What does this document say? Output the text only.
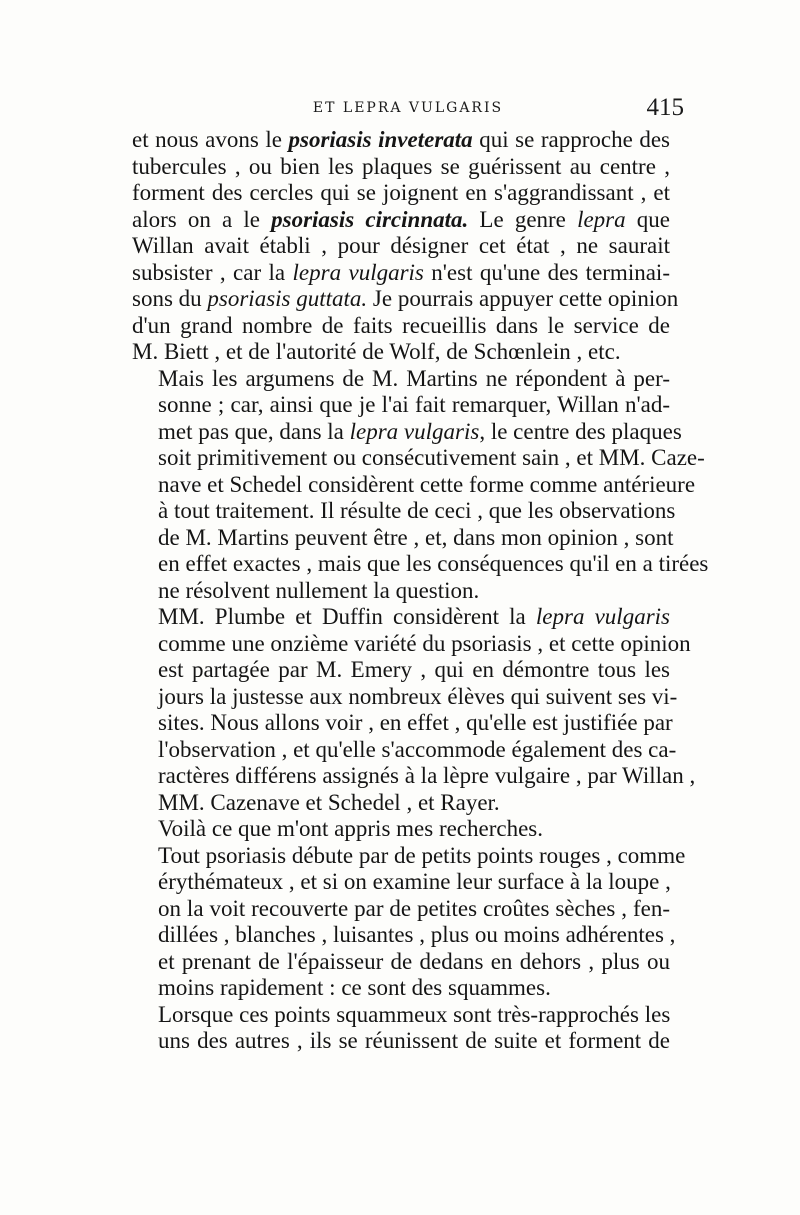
ET LEPRA VULGARIS	415
et nous avons le psoriasis inveterata qui se rapproche des
tubercules , ou bien les plaques se guérissent au centre ,
forment des cercles qui se joignent en s'aggrandissant , et
alors on a le psoriasis circinnata. Le genre lepra que
Willan avait établi , pour désigner cet état , ne saurait
subsister , car la lepra vulgaris n'est qu'une des terminai-
sons du psoriasis guttata. Je pourrais appuyer cette opinion
d'un grand nombre de faits recueillis dans le service de
M. Biett , et de l'autorité de Wolf, de Schœnlein , etc.
Mais les argumens de M. Martins ne répondent à per-
sonne ; car, ainsi que je l'ai fait remarquer, Willan n'ad-
met pas que, dans la lepra vulgaris, le centre des plaques
soit primitivement ou consécutivement sain , et MM. Caze-
nave et Schedel considèrent cette forme comme antérieure
à tout traitement. Il résulte de ceci , que les observations
de M. Martins peuvent être , et, dans mon opinion , sont
en effet exactes , mais que les conséquences qu'il en a tirées
ne résolvent nullement la question.
MM. Plumbe et Duffin considèrent la lepra vulgaris
comme une onzième variété du psoriasis , et cette opinion
est partagée par M. Emery , qui en démontre tous les
jours la justesse aux nombreux élèves qui suivent ses vi-
sites. Nous allons voir , en effet , qu'elle est justifiée par
l'observation , et qu'elle s'accommode également des ca-
ractères différens assignés à la lèpre vulgaire , par Willan ,
MM. Cazenave et Schedel , et Rayer.
Voilà ce que m'ont appris mes recherches.
Tout psoriasis débute par de petits points rouges , comme
érythémateux , et si on examine leur surface à la loupe ,
on la voit recouverte par de petites croûtes sèches , fen-
dillées , blanches , luisantes , plus ou moins adhérentes ,
et prenant de l'épaisseur de dedans en dehors , plus ou
moins rapidement : ce sont des squammes.
Lorsque ces points squammeux sont très-rapprochés les
uns des autres , ils se réunissent de suite et forment de
